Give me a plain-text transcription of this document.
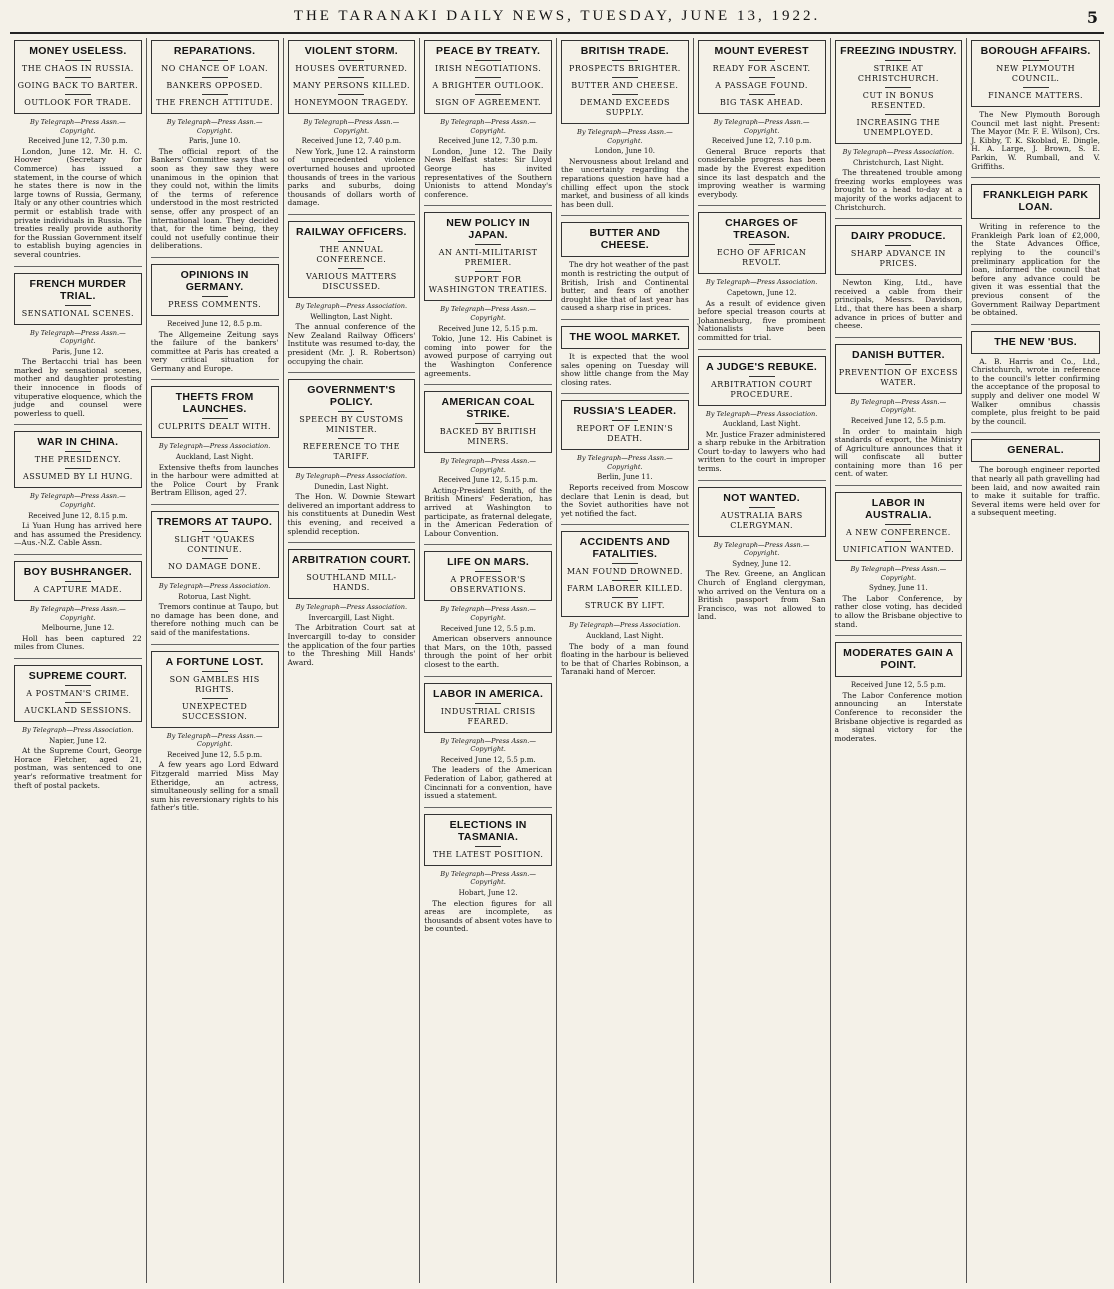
THE TARANAKI DAILY NEWS, TUESDAY, JUNE 13, 1922.	5
MONEY USELESS.
THE CHAOS IN RUSSIA.
GOING BACK TO BARTER.
OUTLOOK FOR TRADE.
By Telegraph—Press Assn.—Copyright.
Received June 12, 7.30 p.m.

London, June 12. Mr. H. C. Hoover (Secretary for Commerce) has issued a statement, in the course of which he states there is now in the large towns of Russia, Germany, Italy or any other countries which permit or establish trade with private individuals in Russia. The treaties really provide authority for the Russian Government itself to establish buying agencies in several countries.

FRENCH MURDER TRIAL.
SENSATIONAL SCENES.
By Telegraph—Press Assn.—Copyright.
Paris, June 12.

The Bertacchi trial has been marked by sensational scenes, mother and daughter protesting their innocence in floods of vituperative eloquence, which the judge and counsel were powerless to quell.

WAR IN CHINA.
THE PRESIDENCY.
ASSUMED BY LI HUNG.
By Telegraph—Press Assn.—Copyright.
Received June 12, 8.15 p.m.

Li Yuan Hung has arrived here and has assumed the Presidency.—Aus.-N.Z. Cable Assn.

BOY BUSHRANGER.
A CAPTURE MADE.
By Telegraph—Press Assn.—Copyright.
Melbourne, June 12.

Holl has been captured 22 miles from Clunes.

SUPREME COURT.
A POSTMAN'S CRIME.
AUCKLAND SESSIONS.
By Telegraph—Press Association.
Napier, June 12.

At the Supreme Court, George Horace Fletcher, aged 21, postman, was sentenced to one year's reformative treatment for theft of postal packets.

REPARATIONS.
NO CHANCE OF LOAN.
BANKERS OPPOSED.
THE FRENCH ATTITUDE.
By Telegraph—Press Assn.—Copyright.
Paris, June 10.

The official report of the Bankers' Committee says that so soon as they saw they were unanimous in the opinion that they could not, within the limits of the terms of reference understood in the most restricted sense, offer any prospect of an international loan. They decided that, for the time being, they could not usefully continue their deliberations.

OPINIONS IN GERMANY.
PRESS COMMENTS.
Received June 12, 8.5 p.m.

The Allgemeine Zeitung says the failure of the bankers' committee at Paris has created a very critical situation for Germany and Europe.

THEFTS FROM LAUNCHES.
CULPRITS DEALT WITH.
By Telegraph—Press Association.
Auckland, Last Night.

Extensive thefts from launches in the harbour were admitted at the Police Court by Frank Bertram Ellison, aged 27.

TREMORS AT TAUPO.
SLIGHT 'QUAKES CONTINUE.
NO DAMAGE DONE.
By Telegraph—Press Association.
Rotorua, Last Night.

Tremors continue at Taupo, but no damage has been done, and therefore nothing much can be said of the manifestations.

A FORTUNE LOST.
SON GAMBLES HIS RIGHTS.
UNEXPECTED SUCCESSION.
By Telegraph—Press Assn.—Copyright.
Received June 12, 5.5 p.m.

A few years ago Lord Edward Fitzgerald married Miss May Etheridge, an actress, simultaneously selling for a small sum his reversionary rights to his father's title.

VIOLENT STORM.
HOUSES OVERTURNED.
MANY PERSONS KILLED.
HONEYMOON TRAGEDY.
By Telegraph—Press Assn.—Copyright.
Received June 12, 7.40 p.m.

New York, June 12. A rainstorm of unprecedented violence overturned houses and uprooted thousands of trees in the various parks and suburbs, doing thousands of dollars worth of damage.

RAILWAY OFFICERS.
THE ANNUAL CONFERENCE.
VARIOUS MATTERS DISCUSSED.
By Telegraph—Press Association.
Wellington, Last Night.

The annual conference of the New Zealand Railway Officers' Institute was resumed to-day, the president (Mr. J. R. Robertson) occupying the chair.

GOVERNMENT'S POLICY.
SPEECH BY CUSTOMS MINISTER.
REFERENCE TO THE TARIFF.
By Telegraph—Press Association.
Dunedin, Last Night.

The Hon. W. Downie Stewart delivered an important address to his constituents at Dunedin West this evening, and received a splendid reception.

ARBITRATION COURT.
SOUTHLAND MILL-HANDS.
By Telegraph—Press Association.
Invercargill, Last Night.

The Arbitration Court sat at Invercargill to-day to consider the application of the four parties to the Threshing Mill Hands' Award.

PEACE BY TREATY.
IRISH NEGOTIATIONS.
A BRIGHTER OUTLOOK.
SIGN OF AGREEMENT.
By Telegraph—Press Assn.—Copyright.
Received June 12, 7.30 p.m.

London, June 12. The Daily News Belfast states: Sir Lloyd George has invited representatives of the Southern Unionists to attend Monday's conference.

NEW POLICY IN JAPAN.
AN ANTI-MILITARIST PREMIER.
SUPPORT FOR WASHINGTON TREATIES.
By Telegraph—Press Assn.—Copyright.
Received June 12, 5.15 p.m.

Tokio, June 12. His Cabinet is coming into power for the avowed purpose of carrying out the Washington Conference agreements.

AMERICAN COAL STRIKE.
BACKED BY BRITISH MINERS.
By Telegraph—Press Assn.—Copyright.
Received June 12, 5.15 p.m.

Acting-President Smith, of the British Miners' Federation, has arrived at Washington to participate, as fraternal delegate, in the American Federation of Labour Convention.

LIFE ON MARS.
A PROFESSOR'S OBSERVATIONS.
By Telegraph—Press Assn.—Copyright.
Received June 12, 5.5 p.m.

American observers announce that Mars, on the 10th, passed through the point of her orbit closest to the earth.

LABOR IN AMERICA.
INDUSTRIAL CRISIS FEARED.
By Telegraph—Press Assn.—Copyright.
Received June 12, 5.5 p.m.

The leaders of the American Federation of Labor, gathered at Cincinnati for a convention, have issued a statement.

ELECTIONS IN TASMANIA.
THE LATEST POSITION.
By Telegraph—Press Assn.—Copyright.
Hobart, June 12.

The election figures for all areas are incomplete, as thousands of absent votes have to be counted.

BRITISH TRADE.
PROSPECTS BRIGHTER.
BUTTER AND CHEESE.
DEMAND EXCEEDS SUPPLY.
By Telegraph—Press Assn.—Copyright.
London, June 10.

Nervousness about Ireland and the uncertainty regarding the reparations question have had a chilling effect upon the stock market, and business of all kinds has been dull.

BUTTER AND CHEESE.

The dry hot weather of the past month is restricting the output of British, Irish and Continental butter, and fears of another drought like that of last year has caused a sharp rise in prices.

THE WOOL MARKET.

It is expected that the wool sales opening on Tuesday will show little change from the May closing rates.

RUSSIA'S LEADER.
REPORT OF LENIN'S DEATH.
By Telegraph—Press Assn.—Copyright.
Berlin, June 11.

Reports received from Moscow declare that Lenin is dead, but the Soviet authorities have not yet notified the fact.

ACCIDENTS AND FATALITIES.
MAN FOUND DROWNED.
FARM LABORER KILLED.
STRUCK BY LIFT.
By Telegraph—Press Association.
Auckland, Last Night.

The body of a man found floating in the harbour is believed to be that of Charles Robinson, a Taranaki hand of Mercer.

MOUNT EVEREST
READY FOR ASCENT.
A PASSAGE FOUND.
BIG TASK AHEAD.
By Telegraph—Press Assn.—Copyright.
Received June 12, 7.10 p.m.

General Bruce reports that considerable progress has been made by the Everest expedition since its last despatch and the improving weather is warming everybody.

CHARGES OF TREASON.
ECHO OF AFRICAN REVOLT.
By Telegraph—Press Association.
Capetown, June 12.

As a result of evidence given before special treason courts at Johannesburg, five prominent Nationalists have been committed for trial.

A JUDGE'S REBUKE.
ARBITRATION COURT PROCEDURE.
By Telegraph—Press Association.
Auckland, Last Night.

Mr. Justice Frazer administered a sharp rebuke in the Arbitration Court to-day to lawyers who had written to the court in improper terms.

NOT WANTED.
AUSTRALIA BARS CLERGYMAN.
By Telegraph—Press Assn.—Copyright.
Sydney, June 12.

The Rev. Greene, an Anglican Church of England clergyman, who arrived on the Ventura on a British passport from San Francisco, was not allowed to land.

FREEZING INDUSTRY.
STRIKE AT CHRISTCHURCH.
CUT IN BONUS RESENTED.
INCREASING THE UNEMPLOYED.
By Telegraph—Press Association.
Christchurch, Last Night.

The threatened trouble among freezing works employees was brought to a head to-day at a majority of the works adjacent to Christchurch.

DAIRY PRODUCE.
SHARP ADVANCE IN PRICES.

Newton King, Ltd., have received a cable from their principals, Messrs. Davidson, Ltd., that there has been a sharp advance in prices of butter and cheese.

DANISH BUTTER.
PREVENTION OF EXCESS WATER.
By Telegraph—Press Assn.—Copyright.
Received June 12, 5.5 p.m.

In order to maintain high standards of export, the Ministry of Agriculture announces that it will confiscate all butter containing more than 16 per cent. of water.

LABOR IN AUSTRALIA.
A NEW CONFERENCE.
UNIFICATION WANTED.
By Telegraph—Press Assn.—Copyright.
Sydney, June 11.

The Labor Conference, by rather close voting, has decided to allow the Brisbane objective to stand.

MODERATES GAIN A POINT.
Received June 12, 5.5 p.m.

The Labor Conference motion announcing an Interstate Conference to reconsider the Brisbane objective is regarded as a signal victory for the moderates.

BOROUGH AFFAIRS.
NEW PLYMOUTH COUNCIL.
FINANCE MATTERS.

The New Plymouth Borough Council met last night. Present: The Mayor (Mr. F. E. Wilson), Crs. J. Kibby, T. K. Skoblad, E. Dingle, H. A. Large, J. Brown, S. E. Parkin, W. Rumball, and V. Griffiths.

FRANKLEIGH PARK LOAN.

Writing in reference to the Frankleigh Park loan of £2,000, the State Advances Office, replying to the council's preliminary application for the loan, informed the council that before any advance could be given it was essential that the previous consent of the Government Railway Department be obtained.

THE NEW 'BUS.

A. B. Harris and Co., Ltd., Christchurch, wrote in reference to the council's letter confirming the acceptance of the proposal to supply and deliver one model W Walker omnibus chassis complete, plus freight to be paid by the council.

GENERAL.

The borough engineer reported that nearly all path gravelling had been laid, and now awaited rain to make it suitable for traffic. Several items were held over for a subsequent meeting.
